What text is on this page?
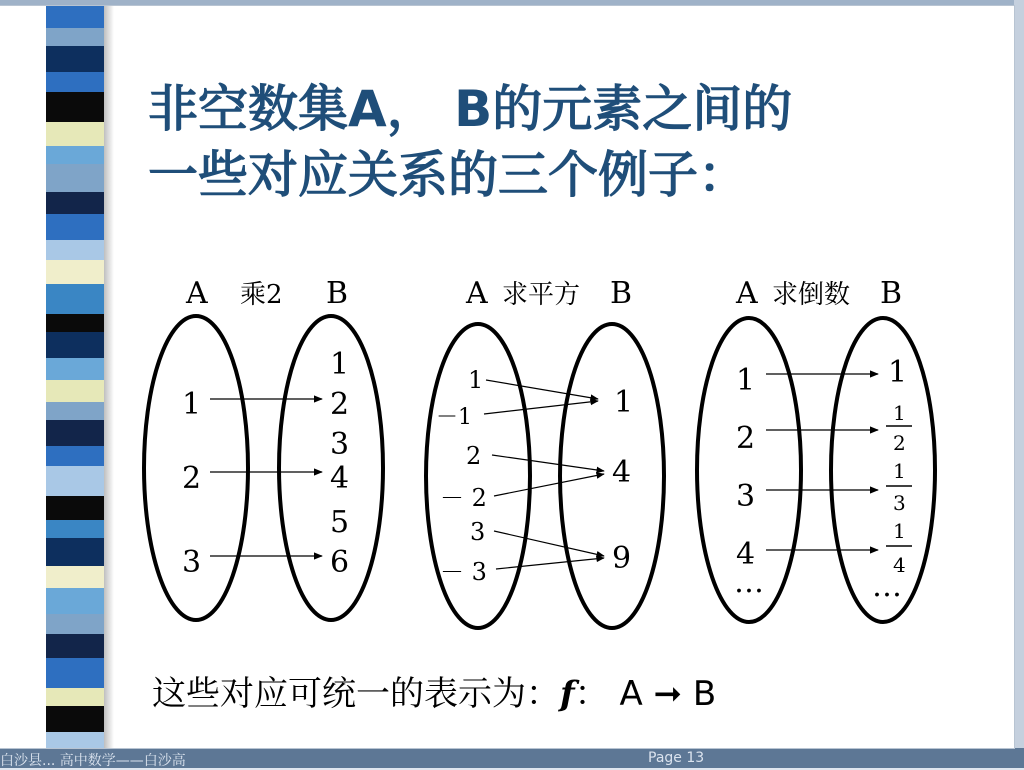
白沙县... 高中数学——白沙高	Page 13
非空数集A， B的元素之间的
一些对应关系的三个例子：
A 乘2 B
1
2
3
1
2
3
4
5
6
A 求平方 B
1
－1
2
－ 2
3
－ 3
1
4
9
A 求倒数 B
1
2
3
4
…
1
1
2
1
3
1
4
…
这些对应可统一的表示为：f： A ➞ B
